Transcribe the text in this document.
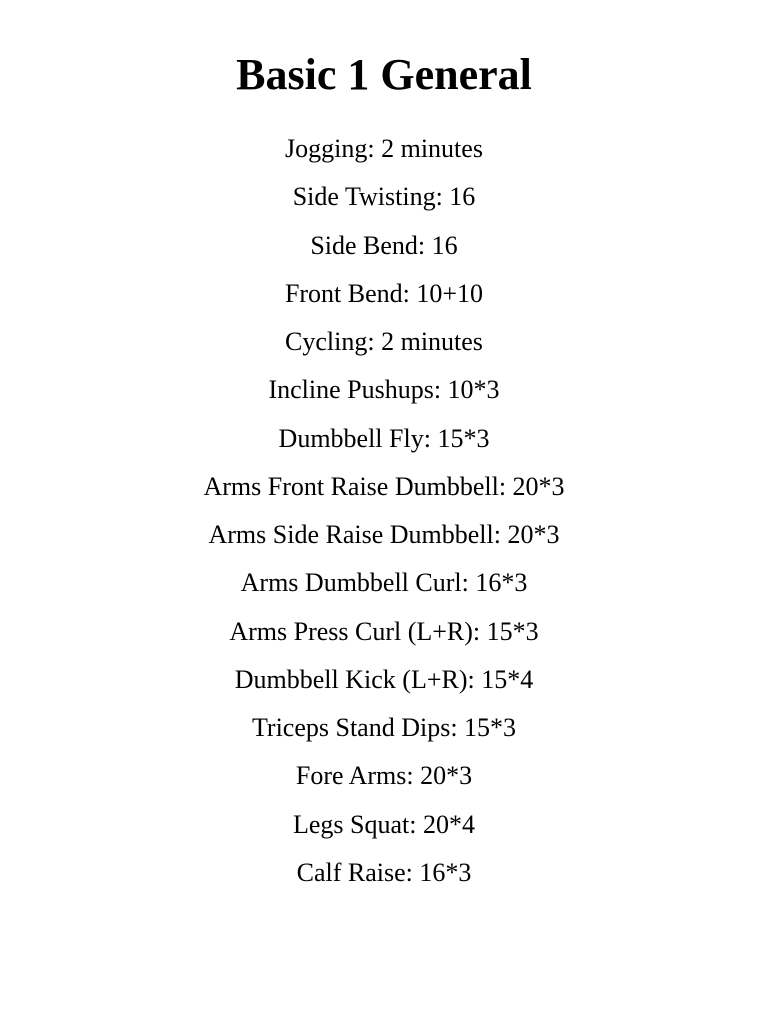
Basic 1 General
Jogging: 2 minutes
Side Twisting: 16
Side Bend: 16
Front Bend: 10+10
Cycling: 2 minutes
Incline Pushups: 10*3
Dumbbell Fly: 15*3
Arms Front Raise Dumbbell: 20*3
Arms Side Raise Dumbbell: 20*3
Arms Dumbbell Curl: 16*3
Arms Press Curl (L+R): 15*3
Dumbbell Kick (L+R): 15*4
Triceps Stand Dips: 15*3
Fore Arms: 20*3
Legs Squat: 20*4
Calf Raise: 16*3
